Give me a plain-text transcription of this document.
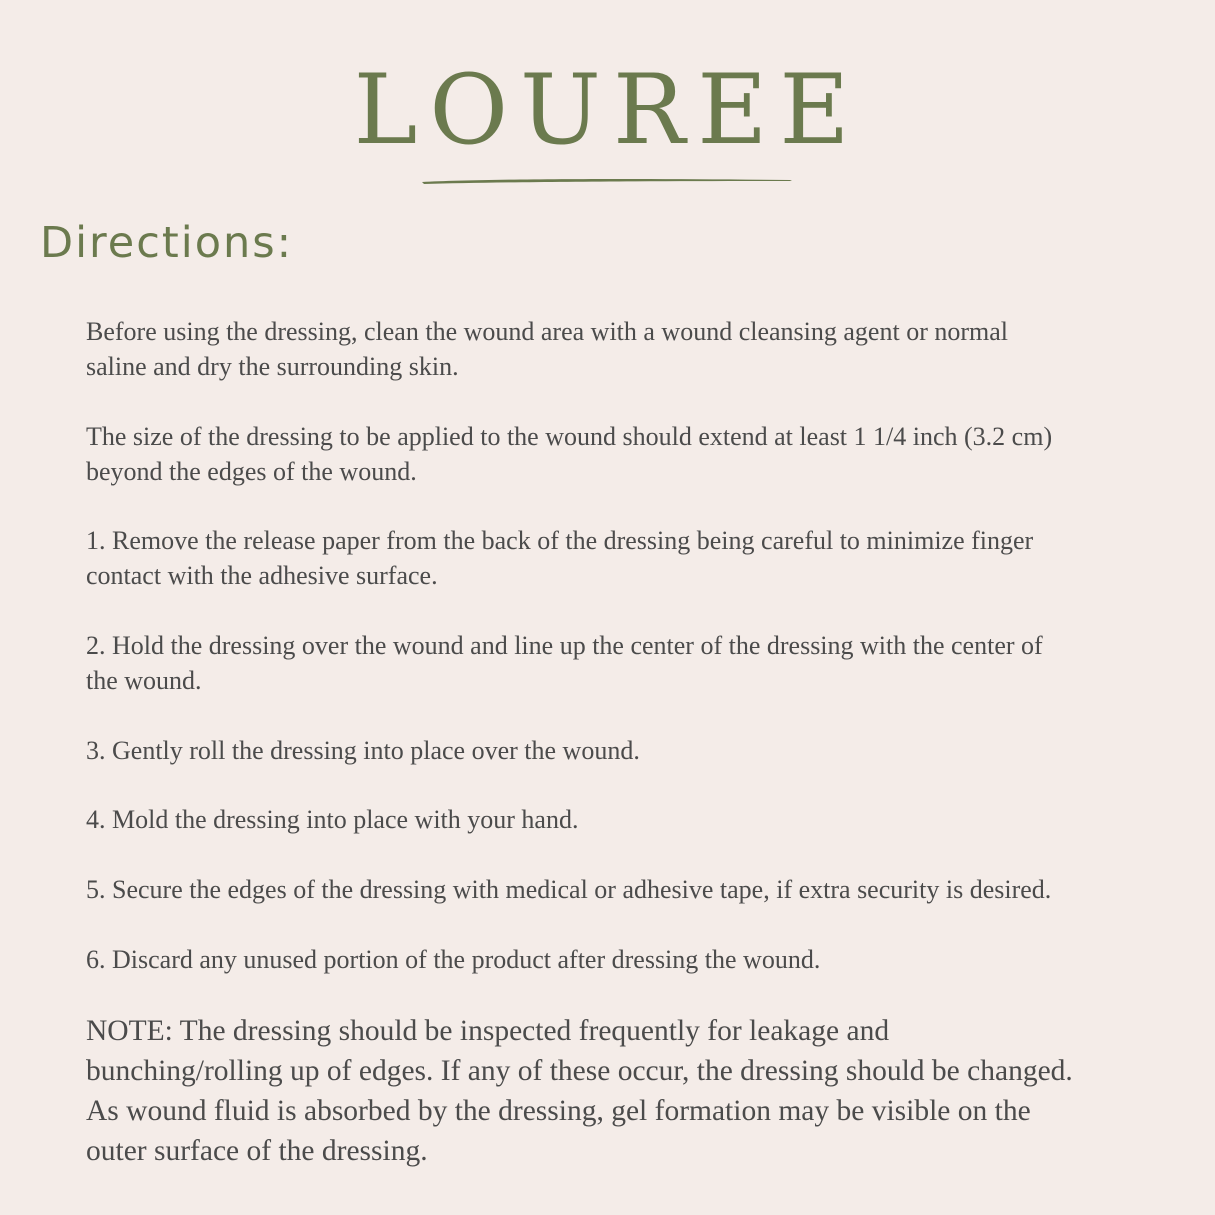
LOUREE
Directions:

Before using the dressing, clean the wound area with a wound cleansing agent or normal
saline and dry the surrounding skin.

The size of the dressing to be applied to the wound should extend at least 1 1/4 inch (3.2 cm)
beyond the edges of the wound.

1. Remove the release paper from the back of the dressing being careful to minimize finger
contact with the adhesive surface.

2. Hold the dressing over the wound and line up the center of the dressing with the center of
the wound.

3. Gently roll the dressing into place over the wound.

4. Mold the dressing into place with your hand.

5. Secure the edges of the dressing with medical or adhesive tape, if extra security is desired.

6. Discard any unused portion of the product after dressing the wound.

NOTE: The dressing should be inspected frequently for leakage and
bunching/rolling up of edges. If any of these occur, the dressing should be changed.
As wound fluid is absorbed by the dressing, gel formation may be visible on the
outer surface of the dressing.
